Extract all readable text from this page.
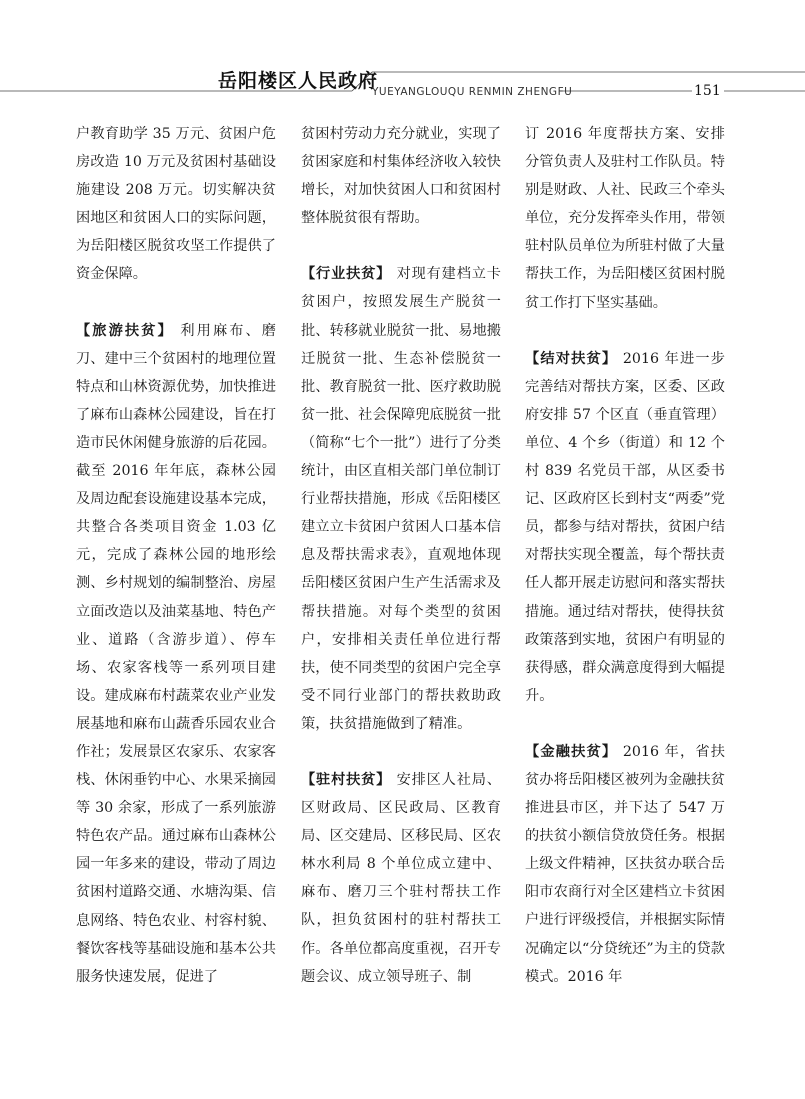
岳阳楼区人民政府
YUEYANGLOUQU RENMIN ZHENGFU	151

户教育助学 35 万元、贫困户危房改造 10 万元及贫困村基础设施建设 208 万元。切实解决贫困地区和贫困人口的实际问题，为岳阳楼区脱贫攻坚工作提供了资金保障。

【旅游扶贫】 利用麻布、磨刀、建中三个贫困村的地理位置特点和山林资源优势，加快推进了麻布山森林公园建设，旨在打造市民休闲健身旅游的后花园。截至 2016 年年底，森林公园及周边配套设施建设基本完成，共整合各类项目资金 1.03 亿元，完成了森林公园的地形绘测、乡村规划的编制整治、房屋立面改造以及油菜基地、特色产业、道路（含游步道）、停车场、农家客栈等一系列项目建设。建成麻布村蔬菜农业产业发展基地和麻布山蔬香乐园农业合作社；发展景区农家乐、农家客栈、休闲垂钓中心、水果采摘园等 30 余家，形成了一系列旅游特色农产品。通过麻布山森林公园一年多来的建设，带动了周边贫困村道路交通、水塘沟渠、信息网络、特色农业、村容村貌、餐饮客栈等基础设施和基本公共服务快速发展，促进了

贫困村劳动力充分就业，实现了贫困家庭和村集体经济收入较快增长，对加快贫困人口和贫困村整体脱贫很有帮助。

【行业扶贫】 对现有建档立卡贫困户，按照发展生产脱贫一批、转移就业脱贫一批、易地搬迁脱贫一批、生态补偿脱贫一批、教育脱贫一批、医疗救助脱贫一批、社会保障兜底脱贫一批（简称“七个一批”）进行了分类统计，由区直相关部门单位制订行业帮扶措施，形成《岳阳楼区建立立卡贫困户贫困人口基本信息及帮扶需求表》，直观地体现岳阳楼区贫困户生产生活需求及帮扶措施。对每个类型的贫困户，安排相关责任单位进行帮扶，使不同类型的贫困户完全享受不同行业部门的帮扶救助政策，扶贫措施做到了精准。

【驻村扶贫】 安排区人社局、区财政局、区民政局、区教育局、区交建局、区移民局、区农林水利局 8 个单位成立建中、麻布、磨刀三个驻村帮扶工作队，担负贫困村的驻村帮扶工作。各单位都高度重视，召开专题会议、成立领导班子、制

订 2016 年度帮扶方案、安排分管负责人及驻村工作队员。特别是财政、人社、民政三个牵头单位，充分发挥牵头作用，带领驻村队员单位为所驻村做了大量帮扶工作，为岳阳楼区贫困村脱贫工作打下坚实基础。

【结对扶贫】 2016 年进一步完善结对帮扶方案，区委、区政府安排 57 个区直（垂直管理）单位、4 个乡（街道）和 12 个村 839 名党员干部，从区委书记、区政府区长到村支“两委”党员，都参与结对帮扶，贫困户结对帮扶实现全覆盖，每个帮扶责任人都开展走访慰问和落实帮扶措施。通过结对帮扶，使得扶贫政策落到实地，贫困户有明显的获得感，群众满意度得到大幅提升。

【金融扶贫】 2016 年，省扶贫办将岳阳楼区被列为金融扶贫推进县市区，并下达了 547 万的扶贫小额信贷放贷任务。根据上级文件精神，区扶贫办联合岳阳市农商行对全区建档立卡贫困户进行评级授信，并根据实际情况确定以“分贷统还”为主的贷款模式。2016 年
